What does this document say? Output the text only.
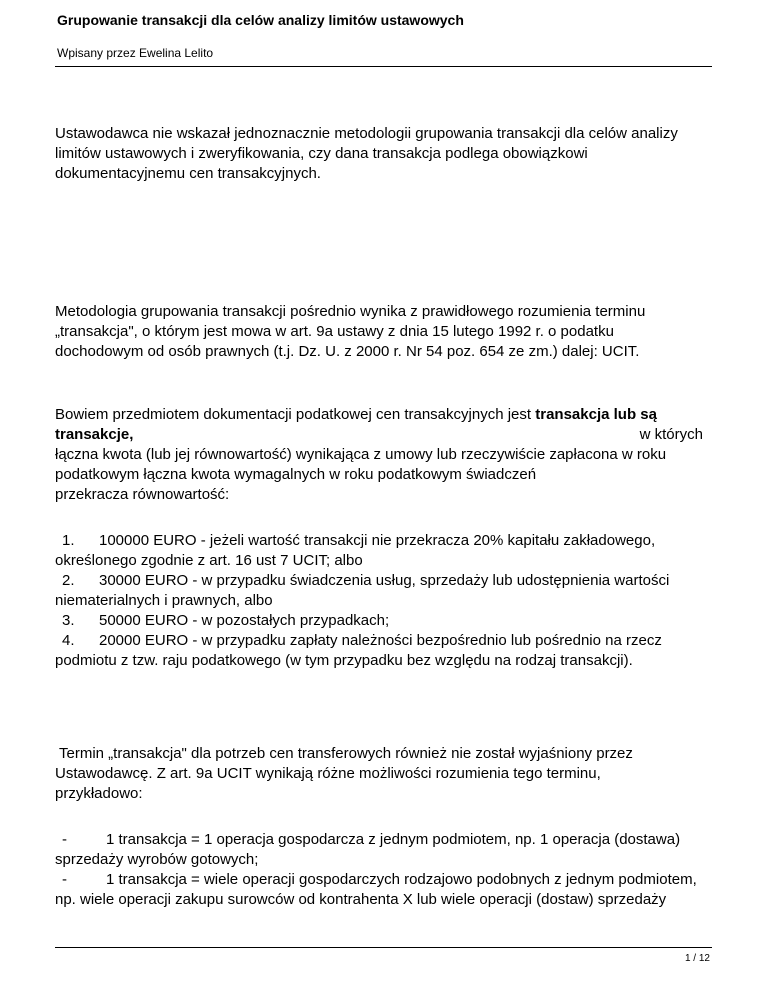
Grupowanie transakcji dla celów analizy limitów ustawowych
Wpisany przez Ewelina Lelito
Ustawodawca nie wskazał jednoznacznie metodologii grupowania transakcji dla celów analizy
limitów ustawowych i zweryfikowania, czy dana transakcja podlega obowiązkowi
dokumentacyjnemu cen transakcyjnych.
Metodologia grupowania transakcji pośrednio wynika z prawidłowego rozumienia terminu
„transakcja", o którym jest mowa w art. 9a ustawy z dnia 15 lutego 1992 r. o podatku
dochodowym od osób prawnych (t.j. Dz. U. z 2000 r. Nr 54 poz. 654 ze zm.) dalej: UCIT.
Bowiem przedmiotem dokumentacji podatkowej cen transakcyjnych jest transakcja lub są
transakcje,	w których
łączna kwota (lub jej równowartość) wynikająca z umowy lub rzeczywiście zapłacona w roku
podatkowym łączna kwota wymagalnych w roku podatkowym świadczeń
przekracza równowartość:
1. 100000 EURO - jeżeli wartość transakcji nie przekracza 20% kapitału zakładowego,
określonego zgodnie z art. 16 ust 7 UCIT; albo
2. 30000 EURO - w przypadku świadczenia usług, sprzedaży lub udostępnienia wartości
niematerialnych i prawnych, albo
3. 50000 EURO - w pozostałych przypadkach;
4. 20000 EURO - w przypadku zapłaty należności bezpośrednio lub pośrednio na rzecz
podmiotu z tzw. raju podatkowego (w tym przypadku bez względu na rodzaj transakcji).
Termin „transakcja" dla potrzeb cen transferowych również nie został wyjaśniony przez
Ustawodawcę. Z art. 9a UCIT wynikają różne możliwości rozumienia tego terminu,
przykładowo:
-	1 transakcja = 1 operacja gospodarcza z jednym podmiotem, np. 1 operacja (dostawa)
sprzedaży wyrobów gotowych;
-	1 transakcja = wiele operacji gospodarczych rodzajowo podobnych z jednym podmiotem,
np. wiele operacji zakupu surowców od kontrahenta X lub wiele operacji (dostaw) sprzedaży
1 / 12
